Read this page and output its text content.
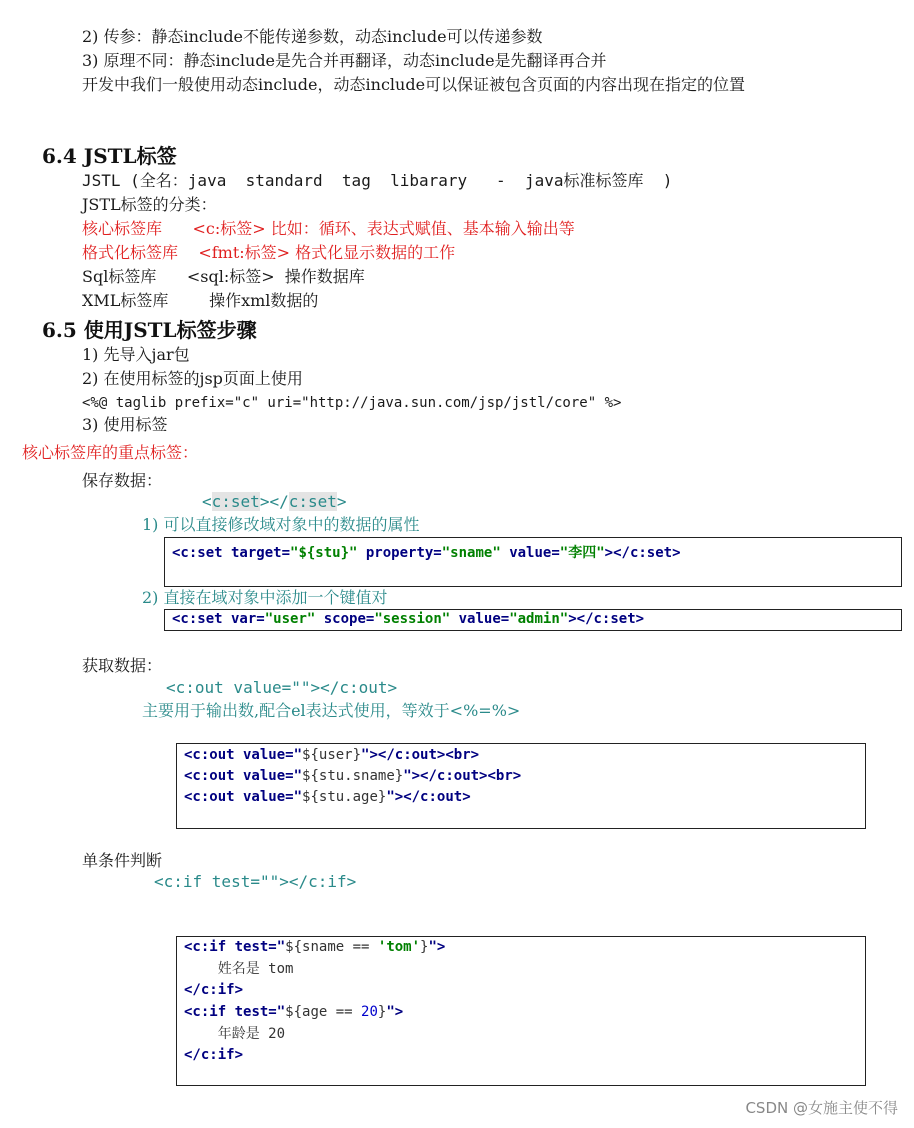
2) 传参：静态include不能传递参数，动态include可以传递参数
3) 原理不同：静态include是先合并再翻译，动态include是先翻译再合并
开发中我们一般使用动态include，动态include可以保证被包含页面的内容出现在指定的位置
6.4 JSTL标签
JSTL (全名：java  standard  tag  libarary   -  java标准标签库  )
JSTL标签的分类：
核心标签库      <c:标签> 比如：循环、表达式赋值、基本输入输出等
格式化标签库    <fmt:标签> 格式化显示数据的工作
Sql标签库      <sql:标签>  操作数据库
XML标签库        操作xml数据的
6.5 使用JSTL标签步骤
1) 先导入jar包
2) 在使用标签的jsp页面上使用
<%@ taglib prefix="c" uri="http://java.sun.com/jsp/jstl/core" %>
3) 使用标签
核心标签库的重点标签：
保存数据：
<c:set></c:set>
1) 可以直接修改域对象中的数据的属性
<c:set target="${stu}" property="sname" value="李四"></c:set>
2) 直接在域对象中添加一个键值对
<c:set var="user" scope="session" value="admin"></c:set>
获取数据：
<c:out value=""></c:out>
主要用于输出数,配合el表达式使用，等效于<%=%>
<c:out value="${user}"></c:out><br>
<c:out value="${stu.sname}"></c:out><br>
<c:out value="${stu.age}"></c:out>
单条件判断
<c:if test=""></c:if>
<c:if test="${sname == 'tom'}">
姓名是 tom
</c:if>
<c:if test="${age == 20}">
年龄是 20
</c:if>
CSDN @女施主使不得
